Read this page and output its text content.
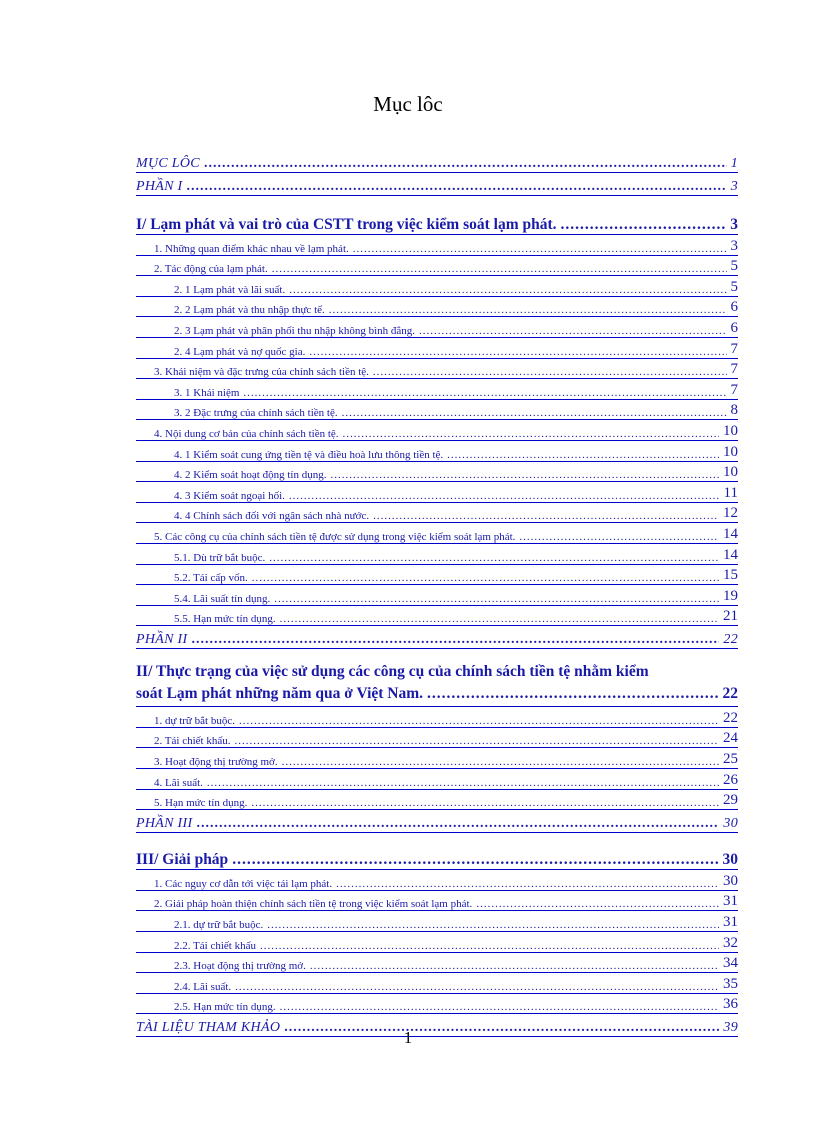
Mục lôc
MỤC LÔC .....	1
PHẦN I .....	3
I/ Lạm phát và vai trò của CSTT trong việc kiểm soát lạm phát. .....	3
1. Những quan điểm khác nhau về lạm phát. .....	3
2. Tác động của lạm phát. .....	5
2. 1 Lạm phát và lãi suất. .....	5
2. 2 Lạm phát và thu nhập thực tế. .....	6
2. 3 Lạm phát và phân phối thu nhập không bình đẳng. .....	6
2. 4 Lạm phát và nợ quốc gia. .....	7
3. Khái niệm và đặc trưng của chính sách tiền tệ. .....	7
3. 1 Khái niệm .....	7
3. 2 Đặc trưng của chính sách tiền tệ. .....	8
4. Nội dung cơ bản của chính sách tiền tệ. .....	10
4. 1 Kiểm soát cung ứng tiền tệ và điều hoà lưu thông tiền tệ. .....	10
4. 2 Kiểm soát hoạt động tín dụng. .....	10
4. 3 Kiểm soát ngoại hối. .....	11
4. 4 Chính sách đối với ngân sách nhà nước. .....	12
5. Các công cụ của chính sách tiền tệ được sử dụng trong việc kiểm soát lạm phát. .....	14
5.1. Dù trữ bắt buộc. .....	14
5.2. Tái cấp vốn. .....	15
5.4. Lãi suất tín dụng. .....	19
5.5. Hạn mức tín dụng. .....	21
PHẦN II .....	22
II/ Thực trạng của việc sử dụng các công cụ của chính sách tiền tệ nhằm kiểm
soát Lạm phát những năm qua ở Việt Nam. .....	22
1. dự trữ bắt buộc. .....	22
2. Tái chiết khấu. .....	24
3. Hoạt động thị trường mở. .....	25
4. Lãi suất. .....	26
5. Hạn mức tín dụng. .....	29
PHẦN III .....	30
III/ Giải pháp .....	30
1. Các nguy cơ dẫn tới việc tái lạm phát. .....	30
2. Giải pháp hoàn thiện chính sách tiền tệ trong việc kiểm soát lạm phát. .....	31
2.1. dự trữ bắt buộc. .....	31
2.2. Tái chiết khấu .....	32
2.3. Hoạt động thị trường mở. .....	34
2.4. Lãi suất. .....	35
2.5. Hạn mức tín dụng. .....	36
TÀI LIỆU THAM KHẢO .....	39
1
